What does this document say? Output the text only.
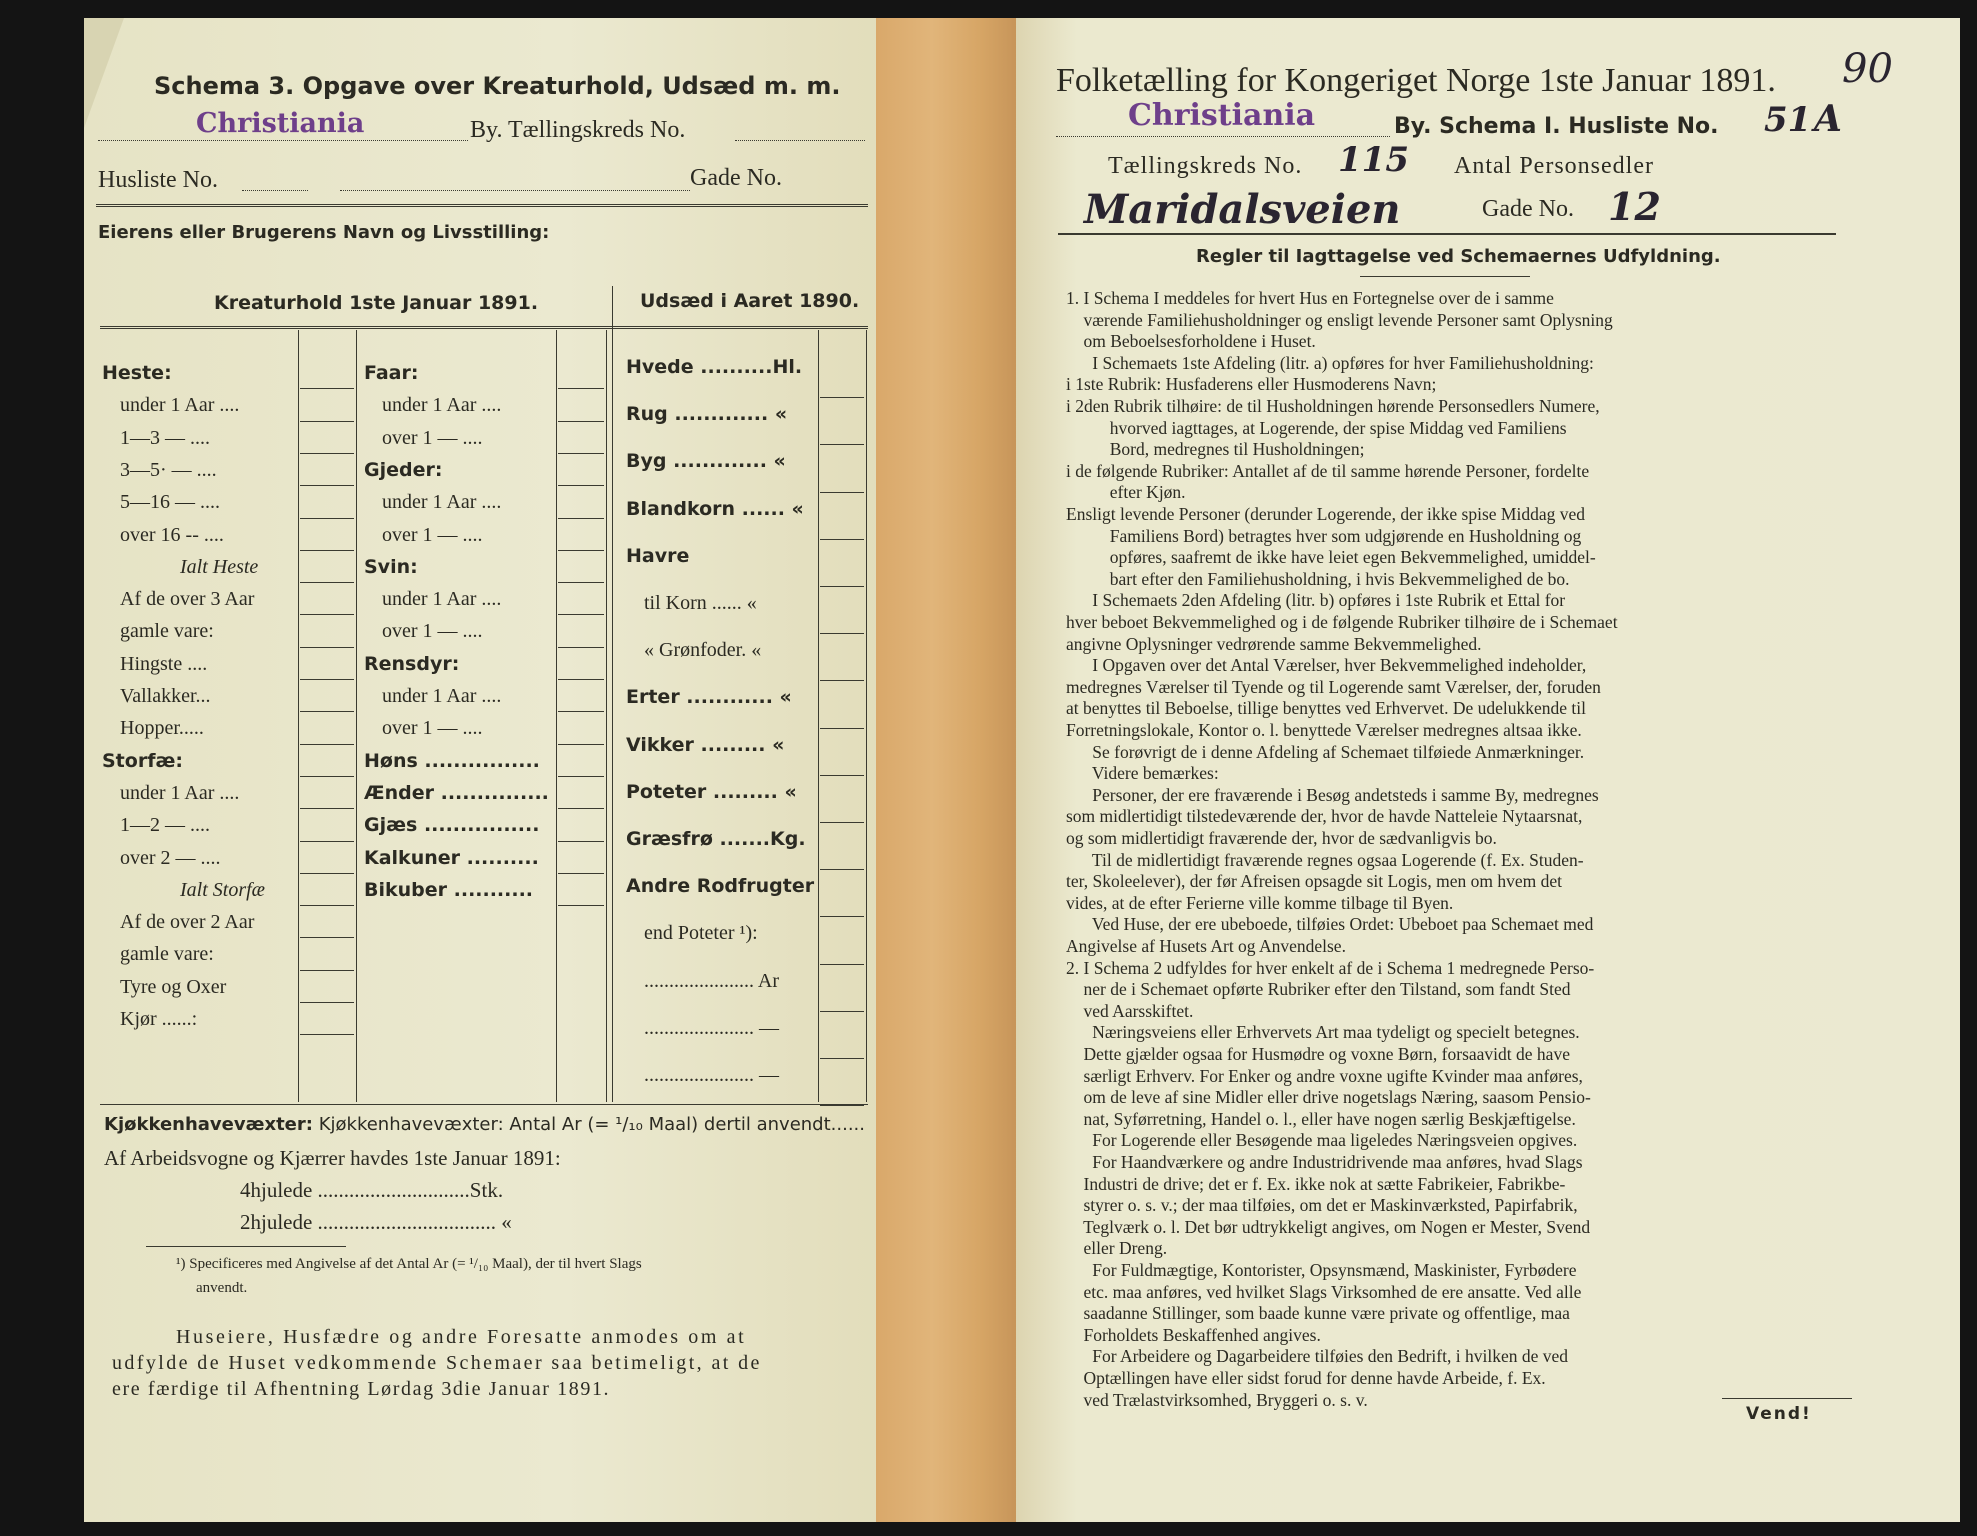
Schema 3. Opgave over Kreaturhold, Udsæd m. m.
Christiania	By. Tællingskreds No.
Husliste No.	Gade No.
Eierens eller Brugerens Navn og Livsstilling:
Kreaturhold 1ste Januar 1891.	Udsæd i Aaret 1890.
Heste:
under 1 Aar ....
1—3 — ....
3—5· — ....
5—16 — ....
over 16 -- ....
Ialt Heste
Af de over 3 Aar
gamle vare:
Hingste ....
Vallakker...
Hopper.....
Storfæ:
under 1 Aar ....
1—2 — ....
over 2 — ....
Ialt Storfæ
Af de over 2 Aar
gamle vare:
Tyre og Oxer
Kjør ......:
Faar:
under 1 Aar ....
over 1 — ....
Gjeder:
under 1 Aar ....
over 1 — ....
Svin:
under 1 Aar ....
over 1 — ....
Rensdyr:
under 1 Aar ....
over 1 — ....
Høns ................
Ænder ...............
Gjæs ................
Kalkuner ..........
Bikuber ...........
Hvede ..........Hl.
Rug ............. «
Byg ............. «
Blandkorn ...... «
Havre
til Korn ...... «
« Grønfoder. «
Erter ............ «
Vikker ......... «
Poteter ......... «
Græsfrø .......Kg.
Andre Rodfrugter
end Poteter ¹):
...................... Ar
...................... —
...................... —
Kjøkkenhavevæxter: Kjøkkenhavevæxter: Antal Ar (= ¹/₁₀ Maal) dertil anvendt......
Af Arbeidsvogne og Kjærrer havdes 1ste Januar 1891:
4hjulede .............................Stk.
2hjulede .................................. «
¹) Specificeres med Angivelse af det Antal Ar (= ¹/₁₀ Maal), der til hvert Slags
anvendt.
Huseiere, Husfædre og andre Foresatte anmodes om at
udfylde de Huset vedkommende Schemaer saa betimeligt, at de
ere færdige til Afhentning Lørdag 3die Januar 1891.
Folketælling for Kongeriget Norge 1ste Januar 1891. 90
Christiania	By. Schema I. Husliste No. 51 A
Tællingskreds No. 115 Antal Personsedler
Maridalsveien	Gade No. 12
Regler til Iagttagelse ved Schemaernes Udfyldning.
1. I Schema I meddeles for hvert Hus en Fortegnelse over de i samme
værende Familiehusholdninger og ensligt levende Personer samt Oplysning
om Beboelsesforholdene i Huset.
I Schemaets 1ste Afdeling (litr. a) opføres for hver Familiehusholdning:
i 1ste Rubrik: Husfaderens eller Husmoderens Navn;
i 2den Rubrik tilhøire: de til Husholdningen hørende Personsedlers Numere,
hvorved iagttages, at Logerende, der spise Middag ved Familiens
Bord, medregnes til Husholdningen;
i de følgende Rubriker: Antallet af de til samme hørende Personer, fordelte
efter Kjøn.
Ensligt levende Personer (derunder Logerende, der ikke spise Middag ved
Familiens Bord) betragtes hver som udgjørende en Husholdning og
opføres, saafremt de ikke have leiet egen Bekvemmelighed, umiddel-
bart efter den Familiehusholdning, i hvis Bekvemmelighed de bo.
I Schemaets 2den Afdeling (litr. b) opføres i 1ste Rubrik et Ettal for
hver beboet Bekvemmelighed og i de følgende Rubriker tilhøire de i Schemaet
angivne Oplysninger vedrørende samme Bekvemmelighed.
I Opgaven over det Antal Værelser, hver Bekvemmelighed indeholder,
medregnes Værelser til Tyende og til Logerende samt Værelser, der, foruden
at benyttes til Beboelse, tillige benyttes ved Erhvervet. De udelukkende til
Forretningslokale, Kontor o. l. benyttede Værelser medregnes altsaa ikke.
Se forøvrigt de i denne Afdeling af Schemaet tilføiede Anmærkninger.
Videre bemærkes:
Personer, der ere fraværende i Besøg andetsteds i samme By, medregnes
som midlertidigt tilstedeværende der, hvor de havde Natteleie Nytaarsnat,
og som midlertidigt fraværende der, hvor de sædvanligvis bo.
Til de midlertidigt fraværende regnes ogsaa Logerende (f. Ex. Studen-
ter, Skoleelever), der før Afreisen opsagde sit Logis, men om hvem det
vides, at de efter Ferierne ville komme tilbage til Byen.
Ved Huse, der ere ubeboede, tilføies Ordet: Ubeboet paa Schemaet med
Angivelse af Husets Art og Anvendelse.
2. I Schema 2 udfyldes for hver enkelt af de i Schema 1 medregnede Perso-
ner de i Schemaet opførte Rubriker efter den Tilstand, som fandt Sted
ved Aarsskiftet.
Næringsveiens eller Erhvervets Art maa tydeligt og specielt betegnes.
Dette gjælder ogsaa for Husmødre og voxne Børn, forsaavidt de have
særligt Erhverv. For Enker og andre voxne ugifte Kvinder maa anføres,
om de leve af sine Midler eller drive nogetslags Næring, saasom Pensio-
nat, Syførretning, Handel o. l., eller have nogen særlig Beskjæftigelse.
For Logerende eller Besøgende maa ligeledes Næringsveien opgives.
For Haandværkere og andre Industridrivende maa anføres, hvad Slags
Industri de drive; det er f. Ex. ikke nok at sætte Fabrikeier, Fabrikbe-
styrer o. s. v.; der maa tilføies, om det er Maskinværksted, Papirfabrik,
Teglværk o. l. Det bør udtrykkeligt angives, om Nogen er Mester, Svend
eller Dreng.
For Fuldmægtige, Kontorister, Opsynsmænd, Maskinister, Fyrbødere
etc. maa anføres, ved hvilket Slags Virksomhed de ere ansatte. Ved alle
saadanne Stillinger, som baade kunne være private og offentlige, maa
Forholdets Beskaffenhed angives.
For Arbeidere og Dagarbeidere tilføies den Bedrift, i hvilken de ved
Optællingen have eller sidst forud for denne havde Arbeide, f. Ex.
ved Trælastvirksomhed, Bryggeri o. s. v.
Vend!
